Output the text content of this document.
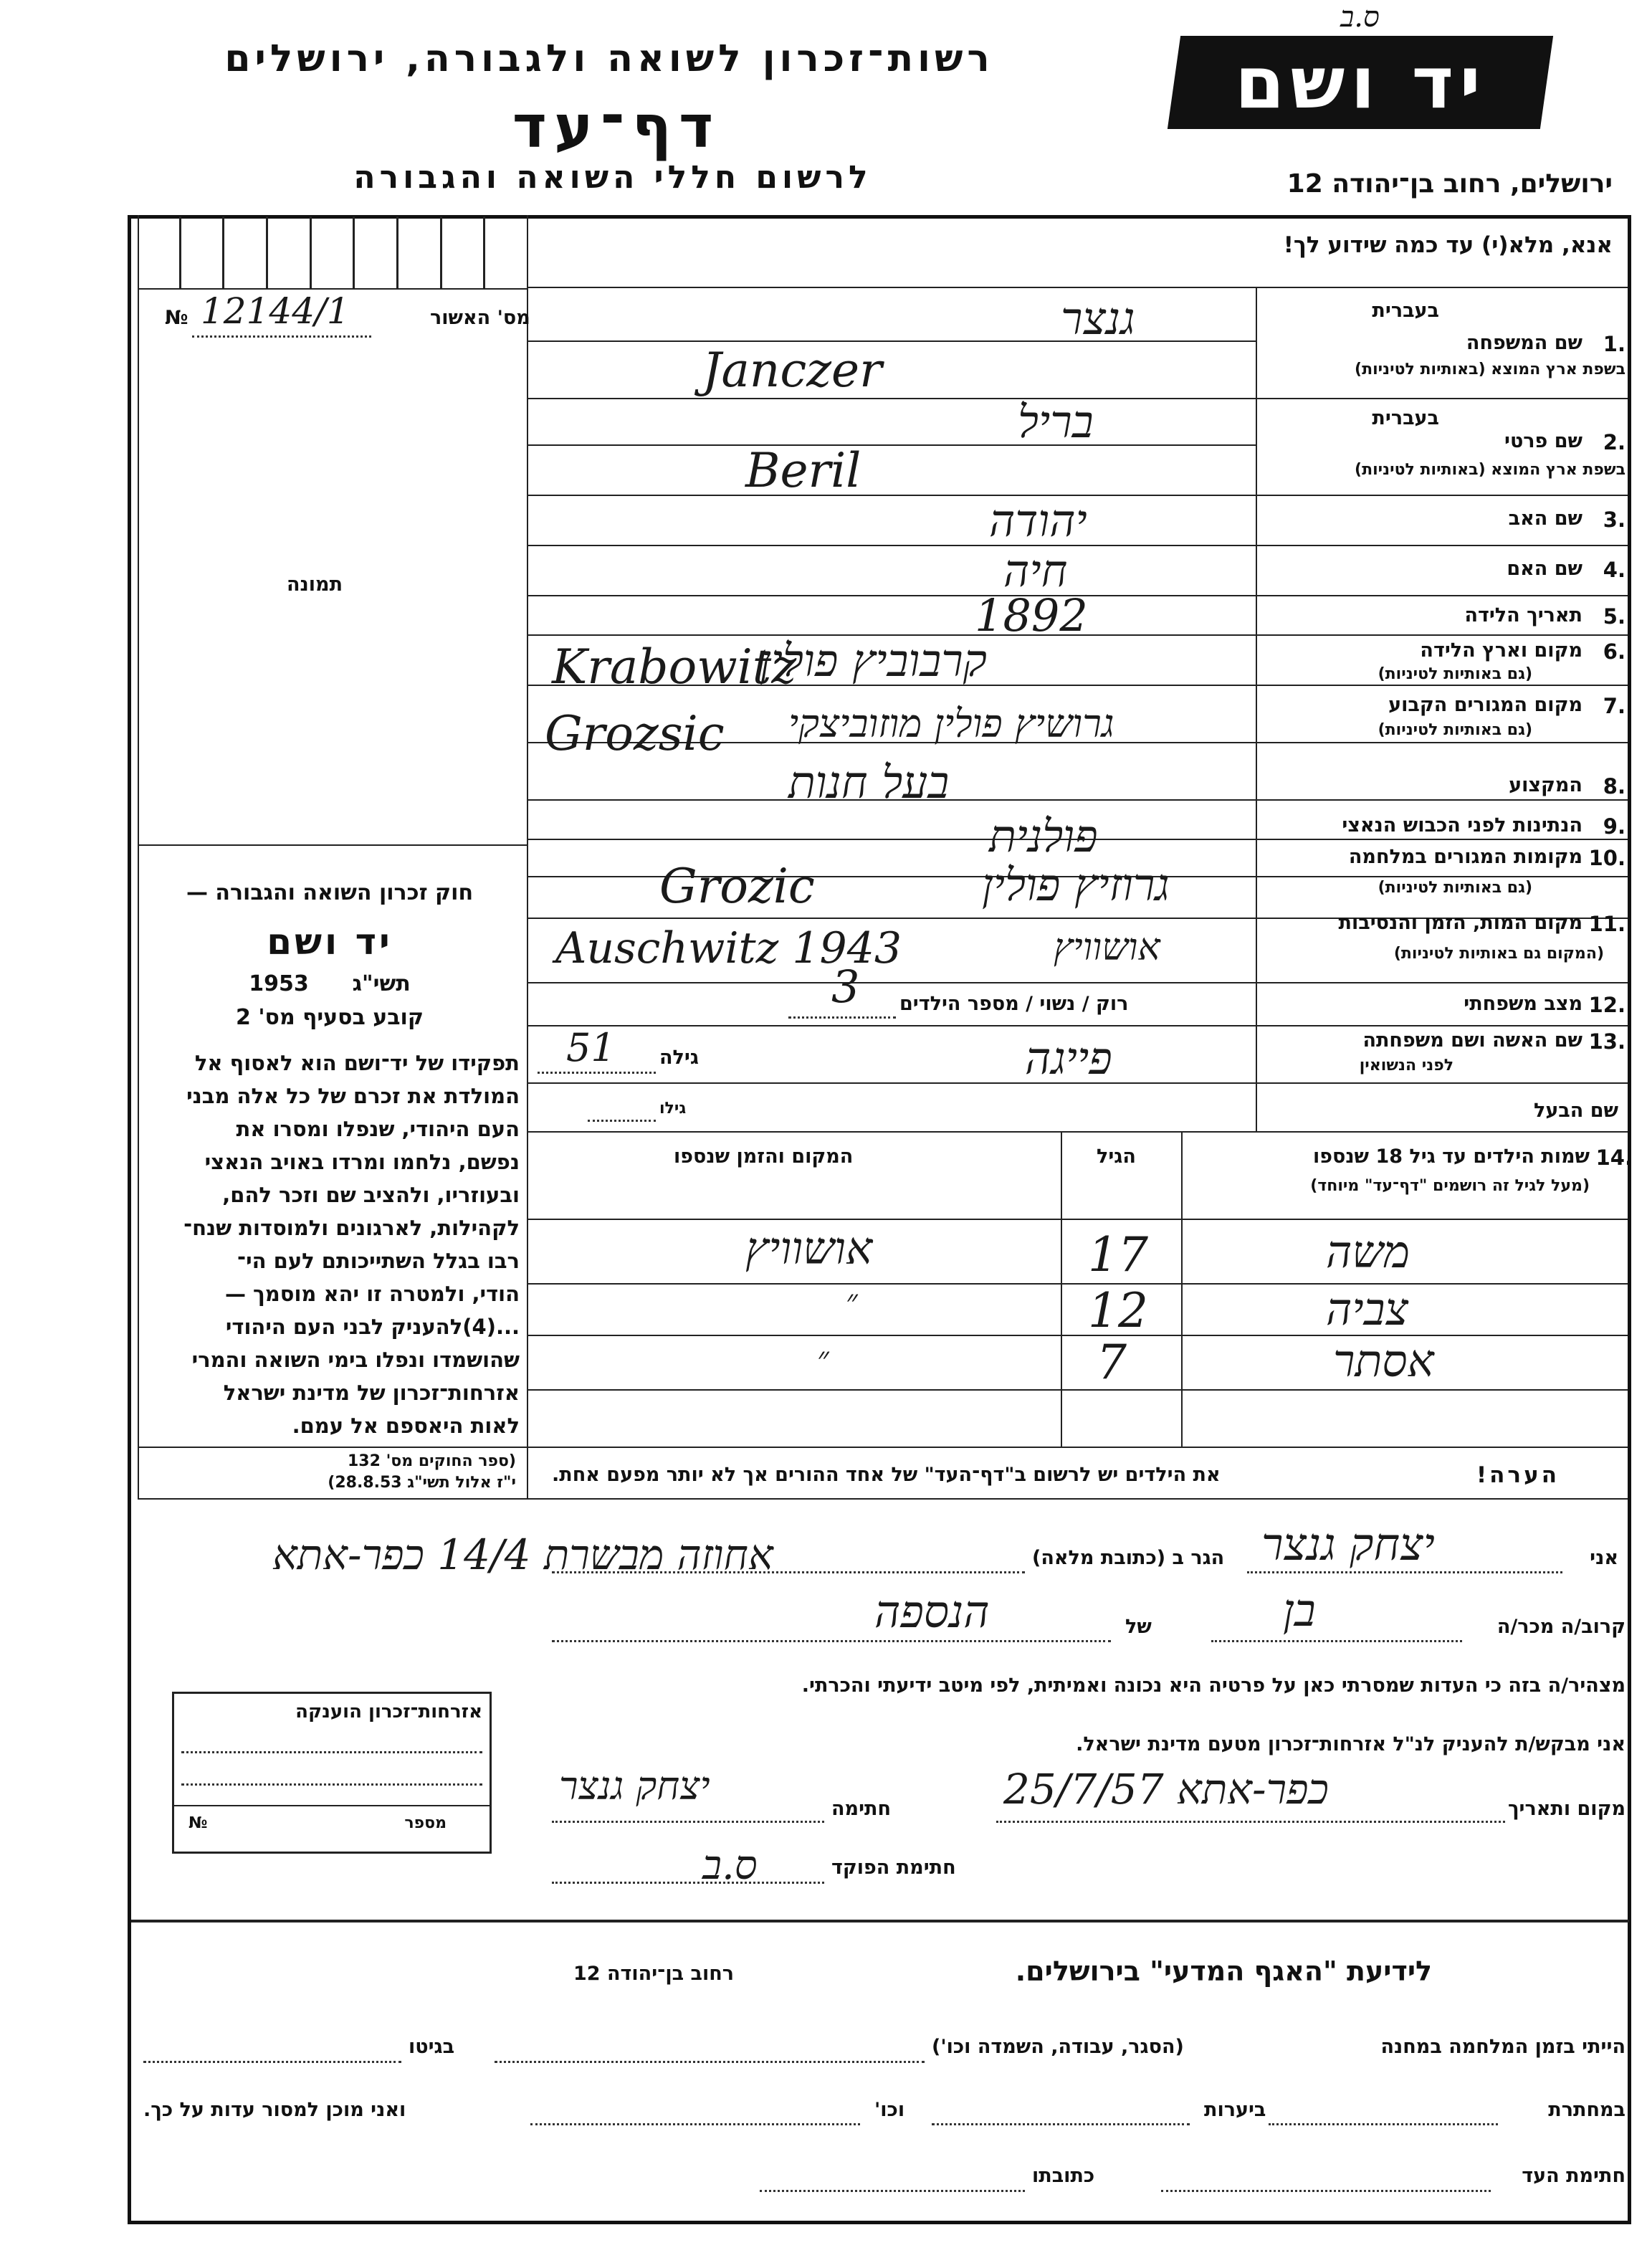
ס.ב
רשות־זכרון לשואה ולגבורה, ירושלים
דף־עד
לרשום חללי השואה והגבורה
יד ושם
ירושלים, רחוב בן־יהודה 12
מס' האשור
12144/1
№
תמונה
חוק זכרון השואה והגבורה —
יד ושם
תשי"ג  1953
קובע בסעיף מס' 2
תפקידו של יד־ושם הוא לאסוף אל
המולדת את זכרם של כל אלה מבני
העם היהודי, שנפלו ומסרו את
נפשם, נלחמו ומרדו באויב הנאצי
ובעוזריו, ולהציב שם וזכר להם,
לקהילות, לארגונים ולמוסדות שנח־
רבו בגלל השתייכותם לעם הי־
הודי, ולמטרה זו יהא מוסמך —
...(4)להעניק לבני העם היהודי
שהושמדו ונפלו בימי השואה והמרי
אזרחות־זכרון של מדינת ישראל
לאות היאספם אל עמם.
(ספר החוקים מס' 132
י"ז אלול תשי"ג 28.8.53)
אנא, מלא(י) עד כמה שידוע לך!
בעברית
1.
שם המשפחה
בשפת ארץ המוצא (באותיות לטיניות)
גנצר
Janczer
בעברית
2.
שם פרטי
בשפת ארץ המוצא (באותיות לטיניות)
בריל
Beril
3.
שם האב
יהודה
4.
שם האם
חיה
5.
תאריך הלידה
1892
6.
מקום וארץ הלידה
(גם באותיות לטיניות)
קרבוביץ פולין
Krabowitz
7.
מקום המגורים הקבוע
(גם באותיות לטיניות)
גרושיץ פולין מוזוביצקי
Grozsic
8.
המקצוע
בעל חנות
9.
הנתינות לפני הכבוש הנאצי
פולנית	10.
מקומות המגורים במלחמה
(גם באותיות לטיניות)
גרוזיץ פולין
Grozic
11.
מקום המות, הזמן והנסיבות
(המקום גם באותיות לטיניות)
Auschwitz 1943	אושוויץ
12.
מצב משפחתי
רוק / נשוי / מספר הילדים
3
13.
שם האשה ושם משפחתה
לפני הנשואין
גילה
51	פייגה
שם הבעל
גילו
14.
שמות הילדים עד גיל 18 שנספו
(מעל לגיל זה רושמים "דף־עד" מיוחד)
הגיל
המקום והזמן שנספו
משה
17
אושוויץ
צביה
12
״
אסתר
7
״
הערה!
את הילדים יש לרשום ב"דף־העד" של אחד ההורים אך לא יותר מפעם אחת.
אני
יצחק גנצר
הגר ב (כתובת מלאה)
אחוזה מבשרת 14/4 כפר-אתא
קרוב/ה מכר/ה
בן
של
הנספה
מצהיר/ה בזה כי העדות שמסרתי כאן על פרטיה היא נכונה ואמיתית, לפי מיטב ידיעתי והכרתי.
אני מבקש/ת להעניק לנ"ל אזרחות־זכרון מטעם מדינת ישראל.
מקום ותאריך
כפר-אתא 25/7/57
חתימה
יצחק גנצר
חתימת הפוקד
ס.ב
אזרחות־זכרון הוענקה
מספר
№
לידיעת "האגף המדעי" בירושלים.
רחוב בן־יהודה 12
הייתי בזמן המלחמה במחנה
(הסגר, עבודה, השמדה וכו')
בגיטו
במחתרת
ביערות
וכו'
ואני מוכן למסור עדות על כך.
חתימת העד
כתובתו
